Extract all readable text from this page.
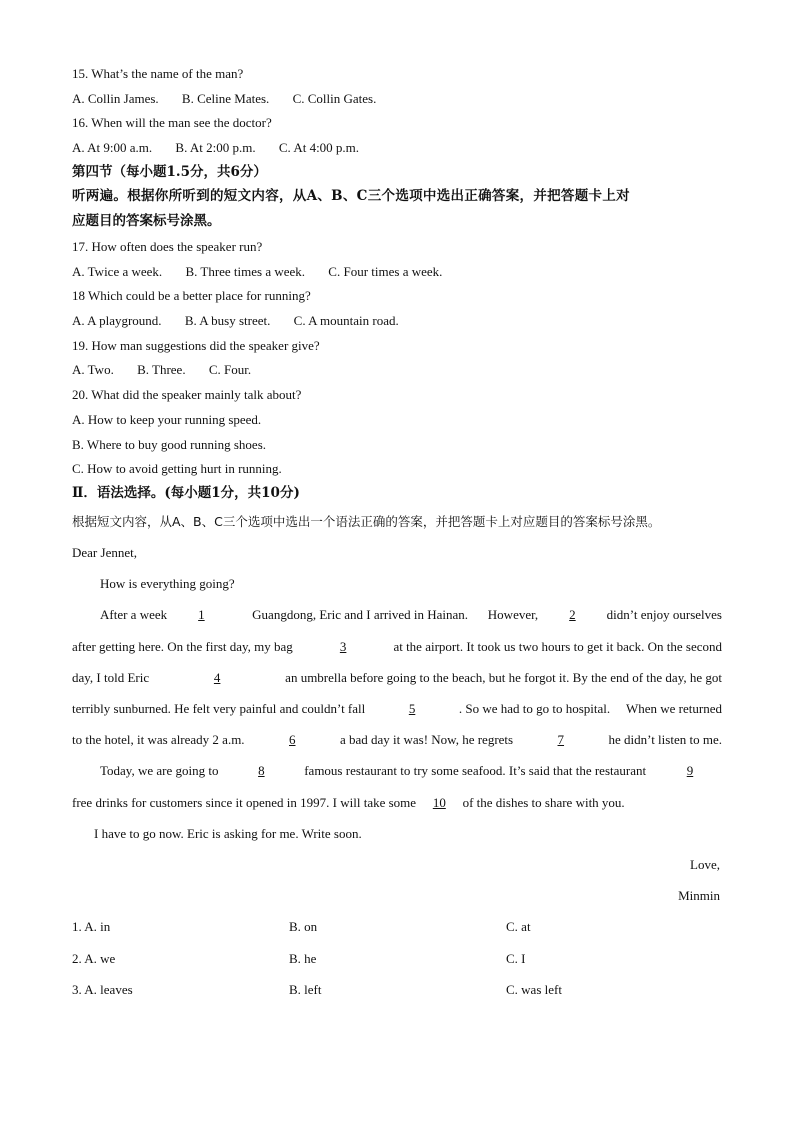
15. What’s the name of the man?
A. Collin James. B. Celine Mates. C. Collin Gates.
16. When will the man see the doctor?
A. At 9:00 a.m. B. At 2:00 p.m. C. At 4:00 p.m.
第四节（每小题1.5分，共6分）
听两遍。根据你所听到的短文内容，从A、B、C三个选项中选出正确答案，并把答题卡上对
应题目的答案标号涂黑。
17. How often does the speaker run?
A. Twice a week. B. Three times a week. C. Four times a week.
18 Which could be a better place for running?
A. A playground. B. A busy street. C. A mountain road.
19. How man suggestions did the speaker give?
A. Two. B. Three. C. Four.
20. What did the speaker mainly talk about?
A. How to keep your running speed.
B. Where to buy good running shoes.
C. How to avoid getting hurt in running.
Ⅱ．语法选择。(每小题1分，共10分)
根据短文内容，从A、B、C三个选项中选出一个语法正确的答案，并把答题卡上对应题目的答案标号涂黑。
Dear Jennet,
How is everything going?
After a week 1	Guangdong, Eric and I arrived in Hainan. However, 2 didn’t enjoy ourselves
after getting here. On the first day, my bag	3	at the airport. It took us two hours to get it back. On the second
day, I told Eric	4	an umbrella before going to the beach, but he forgot it. By the end of the day, he got
terribly sunburned. He felt very painful and couldn’t fall	5	. So we had to go to hospital. When we returned
to the hotel, it was already 2 a.m.	6	a bad day it was! Now, he regrets	7	he didn’t listen to me.
Today, we are going to	8	famous restaurant to try some seafood. It’s said that the restaurant	9
free drinks for customers since it opened in 1997. I will take some 10 of the dishes to share with you.
I have to go now. Eric is asking for me. Write soon.
Love,
Minmin
1. A. in	B. on	C. at
2. A. we	B. he	C. I
3. A. leaves	B. left	C. was left
